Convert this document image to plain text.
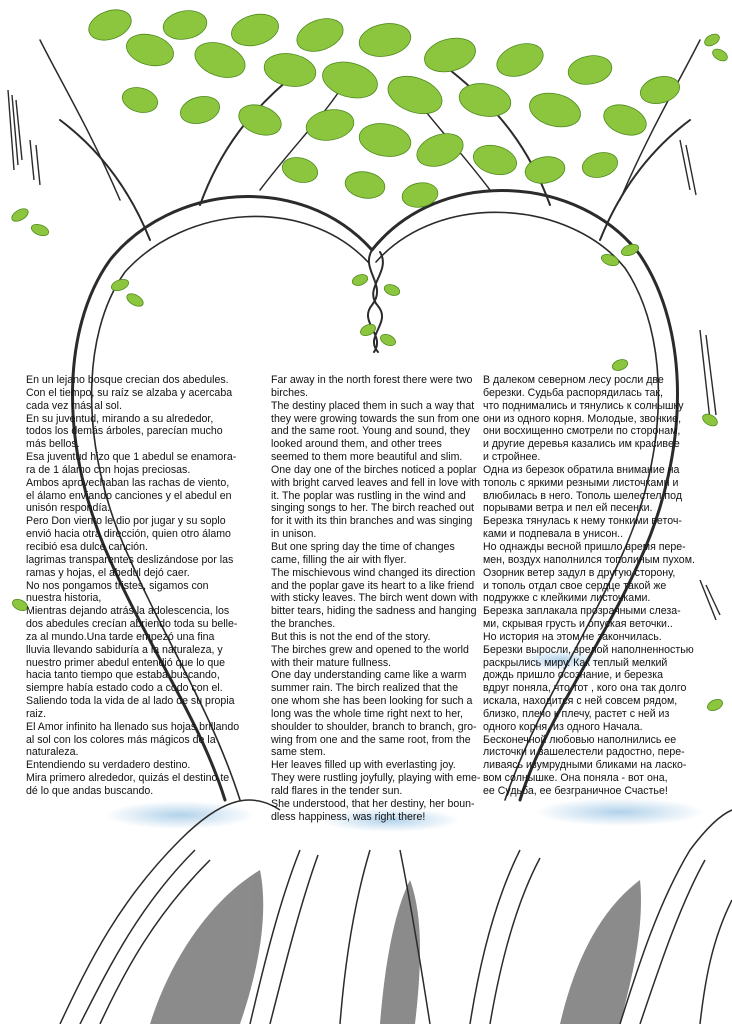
En un lejano bosque crecian dos abedules.

Con el tiempo, su raíz se alzaba y acercaba

cada vez más al sol.

En su juventud, mirando a su alrededor,

todos los demás árboles, parecían mucho

más bellos.

Esa juventud hizo que 1 abedul se enamora-

ra de 1 álamo con hojas preciosas.

Ambos aprovechaban las rachas de viento,

el álamo enviando canciones y el abedul en

unisón respondía.

Pero Don viento le dio por jugar y su soplo

envió hacia otra dirección, quien otro álamo

recibió esa dulce canción.

lagrimas transparentes deslizándose por las

ramas y hojas, el abedul dejó caer.

No nos pongamos tristes, sigamos con

nuestra historia,

Mientras dejando atrás la adolescencia, los

dos abedules crecían abriendo toda su belle-

za al mundo.Una tarde empezó una fina

lluvia llevando sabiduría a la naturaleza, y

nuestro primer abedul entendió que lo que

hacia tanto tiempo que estaba buscando,

siempre había estado codo a codo con el.

Saliendo toda la vida de al lado de su propia

raiz.

El Amor infinito ha llenado sus hojas brillando

al sol con los colores más mágicos de la

naturaleza.

Entendiendo su verdadero destino.

Mira primero alrededor, quizás el destino te

dé lo que andas buscando.

Far away in the north forest there were two

birches.

The destiny placed them in such a way that

they were growing towards the sun from one

and the same root. Young and sound, they

looked around them, and other trees

seemed to them more beautiful and slim.

One day one of the birches noticed a poplar

with bright carved leaves and fell in love with

it. The poplar was rustling in the wind and

singing songs to her. The birch reached out

for it with its thin branches and was singing

in unison.

But one spring day the time of changes

came, filling the air with flyer.

The mischievous wind changed its direction

and the poplar gave its heart to a like friend

with sticky leaves. The birch went down with

bitter tears, hiding the sadness and hanging

the branches.

But this is not the end of the story.

The birches grew and opened to the world

with their mature fullness.

One day understanding came like a warm

summer rain. The birch realized that the

one whom she has been looking for such a

long was the whole time right next to her,

shoulder to shoulder, branch to branch, gro-

wing from one and the same root, from the

same stem.

Her leaves filled up with everlasting joy.

They were rustling joyfully, playing with eme-

rald flares in the tender sun.

She understood, that her destiny, her boun-

dless happiness, was right there!

В далеком северном лесу росли две

березки. Судьба распорядилась так,

что поднимались и тянулись к солнышку

они из одного корня. Молодые, звонкие,

они восхищенно смотрели по сторонам,

и другие деревья казались им красивее

и стройнее.

Одна из березок обратила внимание на

тополь с яркими резными листочками и

влюбилась в него. Тополь шелестел под

порывами ветра и пел ей песенки.

Березка тянулась к нему тонкими веточ-

ками и подпевала в унисон..

Но однажды весной пришло время пере-

мен, воздух наполнился тополиным пухом.

Озорник ветер задул в другую сторону,

и тополь отдал свое сердце такой же

подружке с клейкими листочками.

Березка заплакала прозрачными слеза-

ми, скрывая грусть и опуская веточки..

Но история на этом не закончилась.

Березки выросли, зрелой наполненностью

раскрылись миру. Как теплый мелкий

дождь пришло осознание, и березка

вдруг поняла, что тот , кого она так долго

искала, находится с ней совсем рядом,

близко, плечо к плечу, растет с ней из

одного корня, из одного Начала.

Бесконечной любовью наполнились ее

листочки и зашелестели радостно, пере-

ливаясь изумрудными бликами на ласко-

вом солнышке. Она поняла - вот она,

ее Судьба, ее безграничное Счастье!
